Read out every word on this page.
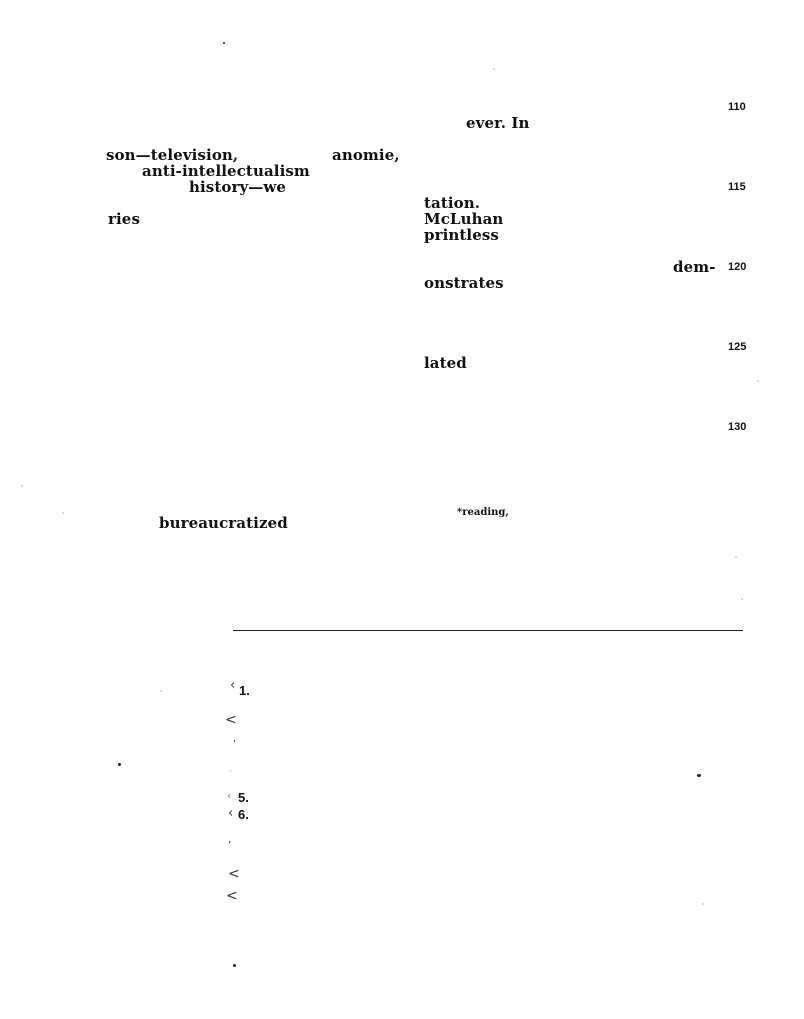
110
115
120
125
130
ever. In
tation.
McLuhan
printless
dem-
onstrates
lated
*reading,
son—television,	anomie,
anti-intellectualism
history—we
ries
bureaucratized
‹ 1.
<
’
‐
‹ 5.
‹ 6.
’
<
<
